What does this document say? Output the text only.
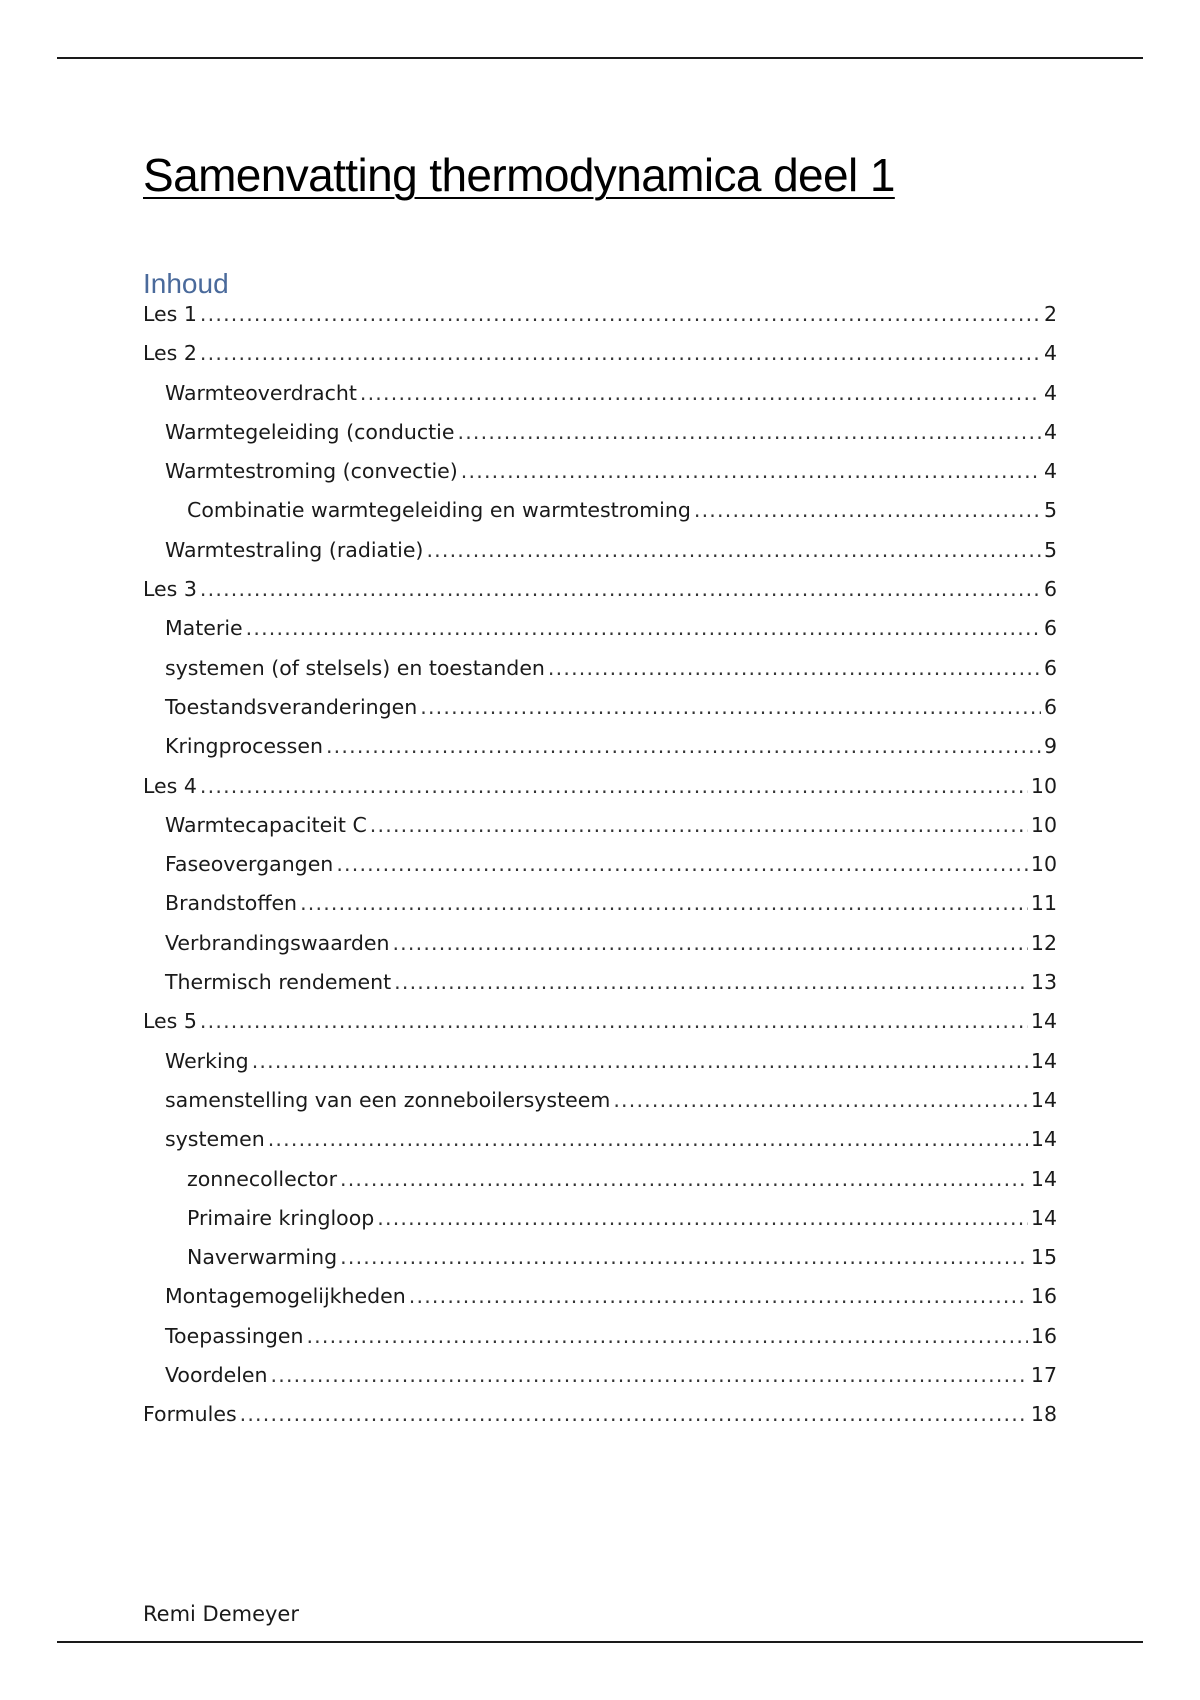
Samenvatting thermodynamica deel 1
Inhoud
Les 1 .....	2
Les 2 .....	4
Warmteoverdracht .....	4
Warmtegeleiding (conductie .....	4
Warmtestroming (convectie) .....	4
Combinatie warmtegeleiding en warmtestroming .....	5
Warmtestraling (radiatie) .....	5
Les 3 .....	6
Materie .....	6
systemen (of stelsels) en toestanden .....	6
Toestandsveranderingen .....	6
Kringprocessen .....	9
Les 4 .....	10
Warmtecapaciteit C .....	10
Faseovergangen .....	10
Brandstoffen .....	11
Verbrandingswaarden .....	12
Thermisch rendement .....	13
Les 5 .....	14
Werking .....	14
samenstelling van een zonneboilersysteem .....	14
systemen .....	14
zonnecollector .....	14
Primaire kringloop .....	14
Naverwarming .....	15
Montagemogelijkheden .....	16
Toepassingen .....	16
Voordelen .....	17
Formules .....	18
Remi Demeyer
